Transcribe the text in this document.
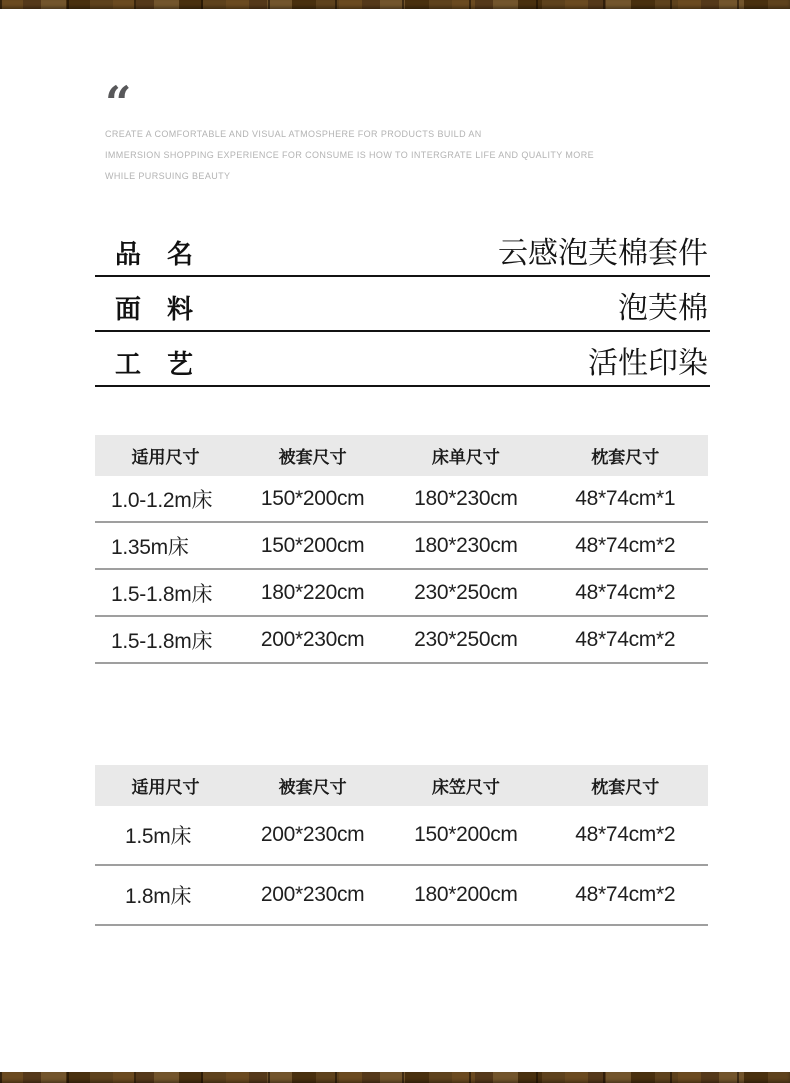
“
CREATE A COMFORTABLE AND VISUAL ATMOSPHERE FOR PRODUCTS BUILD AN
IMMERSION SHOPPING EXPERIENCE FOR CONSUME IS HOW TO INTERGRATE LIFE AND QUALITY MORE
WHILE PURSUING BEAUTY
品　名	云感泡芙棉套件
面　料	泡芙棉
工　艺	活性印染
适用尺寸	被套尺寸	床单尺寸	枕套尺寸
1.0-1.2m床	150*200cm	180*230cm	48*74cm*1
1.35m床	150*200cm	180*230cm	48*74cm*2
1.5-1.8m床	180*220cm	230*250cm	48*74cm*2
1.5-1.8m床	200*230cm	230*250cm	48*74cm*2
适用尺寸	被套尺寸	床笠尺寸	枕套尺寸
1.5m床	200*230cm	150*200cm	48*74cm*2
1.8m床	200*230cm	180*200cm	48*74cm*2
